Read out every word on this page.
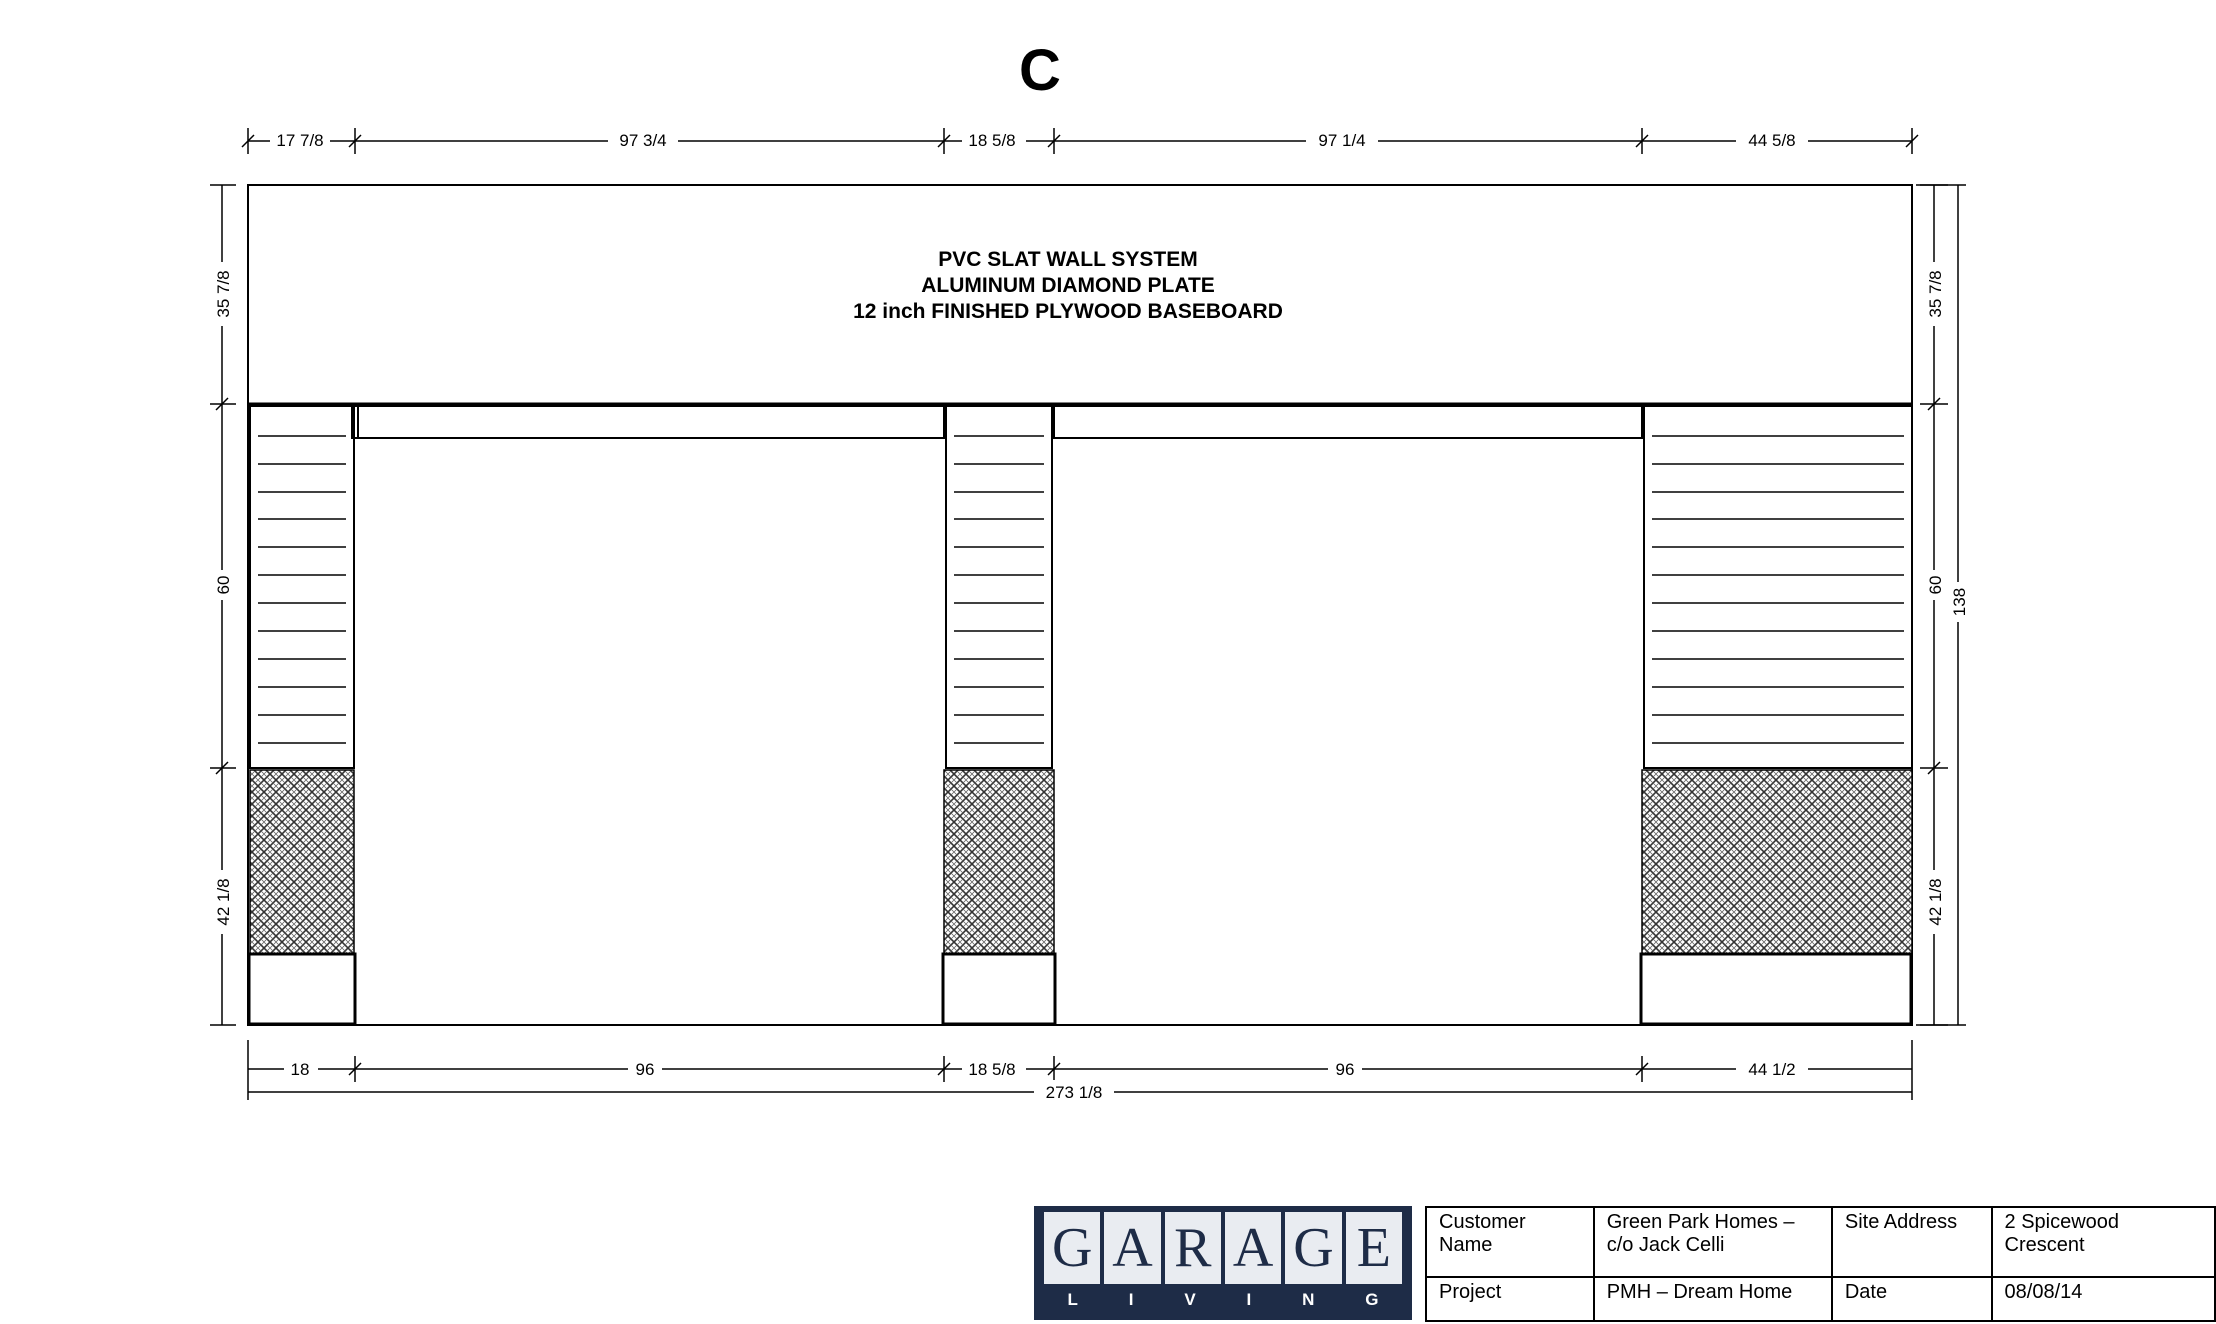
C
PVC SLAT WALL SYSTEM
ALUMINUM DIAMOND PLATE
12 inch FINISHED PLYWOOD BASEBOARD
17 7/8	97 3/4	18 5/8	97 1/4	44 5/8
18	96	18 5/8	96	44 1/2
273 1/8
35 7/8
60
42 1/8
35 7/8
60
42 1/8
138
G A R A G E
L	I	V	I	N	G
Customer Name	Green Park Homes – c/o Jack Celli	Site Address	2 Spicewood Crescent
Project	PMH – Dream Home	Date	08/08/14
